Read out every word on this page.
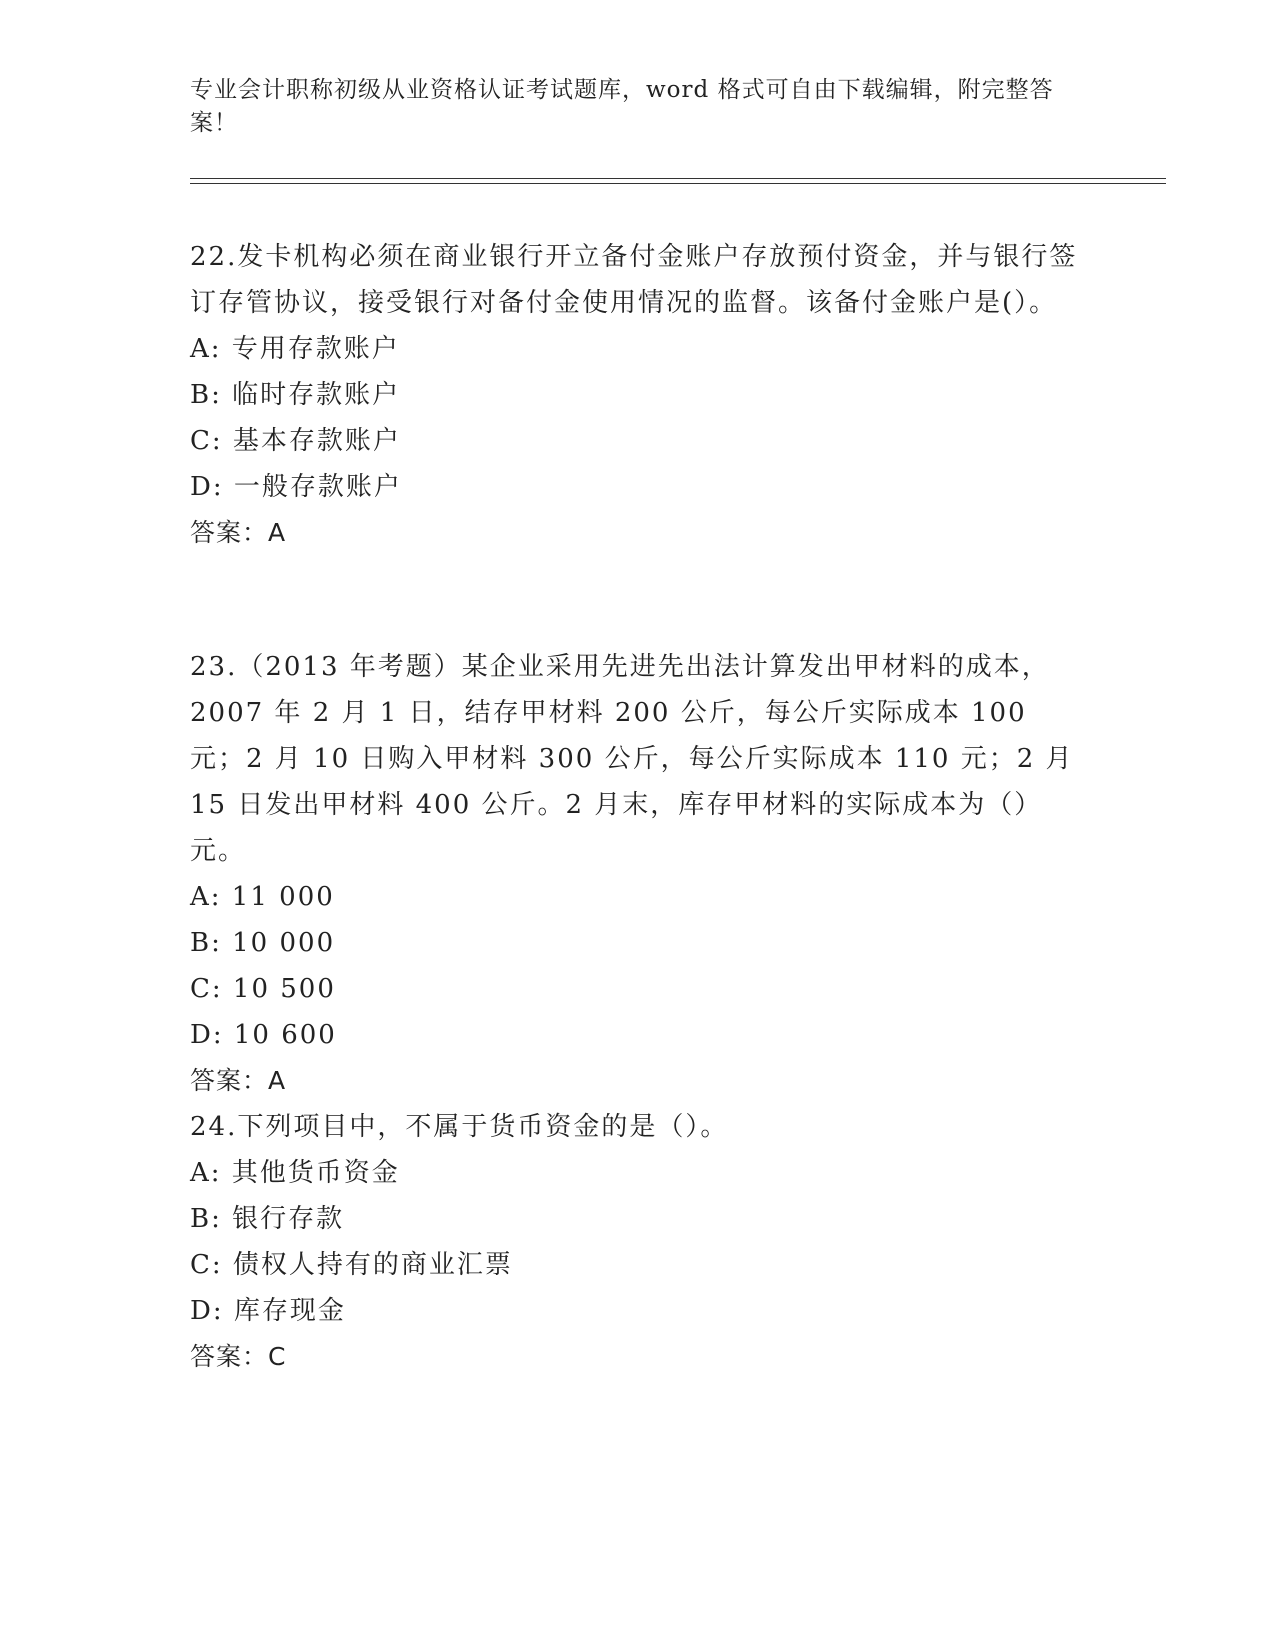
专业会计职称初级从业资格认证考试题库，word 格式可自由下载编辑，附完整答案！

22.发卡机构必须在商业银行开立备付金账户存放预付资金，并与银行签订存管协议，接受银行对备付金使用情况的监督。该备付金账户是(）。

A: 专用存款账户
B: 临时存款账户
C: 基本存款账户
D: 一般存款账户
答案：A

23.（2013 年考题）某企业采用先进先出法计算发出甲材料的成本，2007 年 2 月 1 日，结存甲材料 200 公斤，每公斤实际成本 100 元；2 月 10 日购入甲材料 300 公斤，每公斤实际成本 110 元；2 月 15 日发出甲材料 400 公斤。2 月末，库存甲材料的实际成本为（）元。

A: 11 000
B: 10 000
C: 10 500
D: 10 600
答案：A

24.下列项目中，不属于货币资金的是（）。

A: 其他货币资金
B: 银行存款
C: 债权人持有的商业汇票
D: 库存现金
答案：C
